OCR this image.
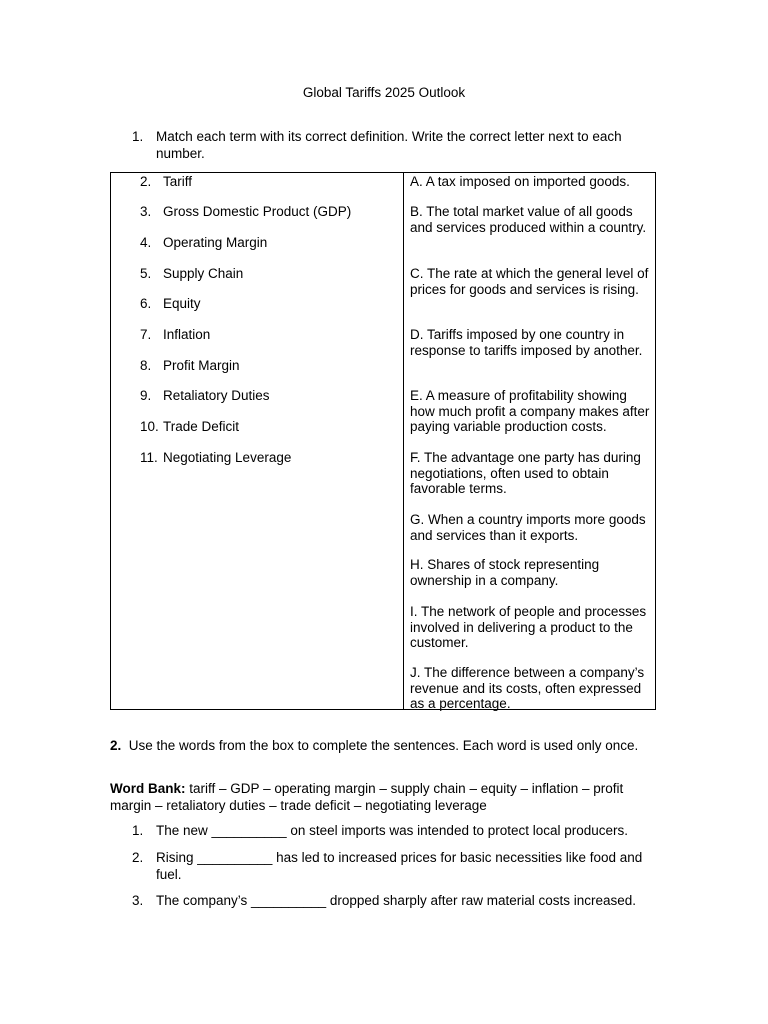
Global Tariffs 2025 Outlook
1. Match each term with its correct definition. Write the correct letter next to each number.
2. Tariff
3. Gross Domestic Product (GDP)
4. Operating Margin
5. Supply Chain
6. Equity
7. Inflation
8. Profit Margin
9. Retaliatory Duties
10. Trade Deficit
11. Negotiating Leverage
A. A tax imposed on imported goods.
B. The total market value of all goods and services produced within a country.
C. The rate at which the general level of prices for goods and services is rising.
D. Tariffs imposed by one country in response to tariffs imposed by another.
E. A measure of profitability showing how much profit a company makes after paying variable production costs.
F. The advantage one party has during negotiations, often used to obtain favorable terms.
G. When a country imports more goods and services than it exports.
H. Shares of stock representing ownership in a company.
I. The network of people and processes involved in delivering a product to the customer.
J. The difference between a company’s revenue and its costs, often expressed as a percentage.
2. Use the words from the box to complete the sentences. Each word is used only once.
Word Bank: tariff – GDP – operating margin – supply chain – equity – inflation – profit margin – retaliatory duties – trade deficit – negotiating leverage
1. The new __________ on steel imports was intended to protect local producers.
2. Rising __________ has led to increased prices for basic necessities like food and fuel.
3. The company’s __________ dropped sharply after raw material costs increased.
